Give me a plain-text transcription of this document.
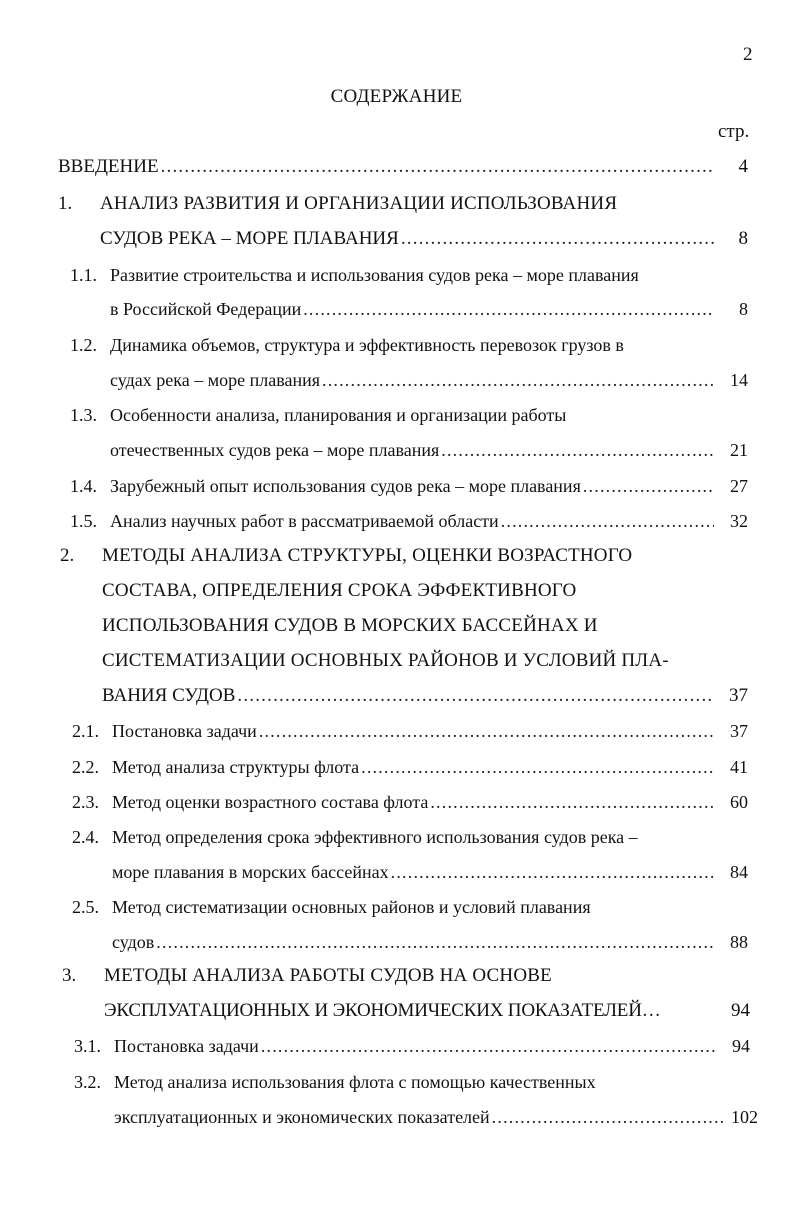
2
СОДЕРЖАНИЕ
стр.
ВВЕДЕНИЕ .....	4
1. АНАЛИЗ РАЗВИТИЯ И ОРГАНИЗАЦИИ ИСПОЛЬЗОВАНИЯ
СУДОВ РЕКА – МОРЕ ПЛАВАНИЯ .....	8
1.1. Развитие строительства и использования судов река – море плавания
в Российской Федерации .....	8
1.2. Динамика объемов, структура и эффективность перевозок грузов в
судах река – море плавания .....	14
1.3. Особенности анализа, планирования и организации работы
отечественных судов река – море плавания .....	21
1.4. Зарубежный опыт использования судов река – море плавания .....	27
1.5. Анализ научных работ в рассматриваемой области .....	32
2. МЕТОДЫ АНАЛИЗА СТРУКТУРЫ, ОЦЕНКИ ВОЗРАСТНОГО
СОСТАВА, ОПРЕДЕЛЕНИЯ СРОКА ЭФФЕКТИВНОГО
ИСПОЛЬЗОВАНИЯ СУДОВ В МОРСКИХ БАССЕЙНАХ И
СИСТЕМАТИЗАЦИИ ОСНОВНЫХ РАЙОНОВ И УСЛОВИЙ ПЛА-
ВАНИЯ СУДОВ .....	37
2.1. Постановка задачи .....	37
2.2. Метод анализа структуры флота .....	41
2.3. Метод оценки возрастного состава флота .....	60
2.4. Метод определения срока эффективного использования судов река –
море плавания в морских бассейнах .....	84
2.5. Метод систематизации основных районов и условий плавания
судов .....	88
3. МЕТОДЫ АНАЛИЗА РАБОТЫ СУДОВ НА ОСНОВЕ
ЭКСПЛУАТАЦИОННЫХ И ЭКОНОМИЧЕСКИХ ПОКАЗАТЕЛЕЙ…	94
3.1. Постановка задачи .....	94
3.2. Метод анализа использования флота с помощью качественных
эксплуатационных и экономических показателей .....	102
